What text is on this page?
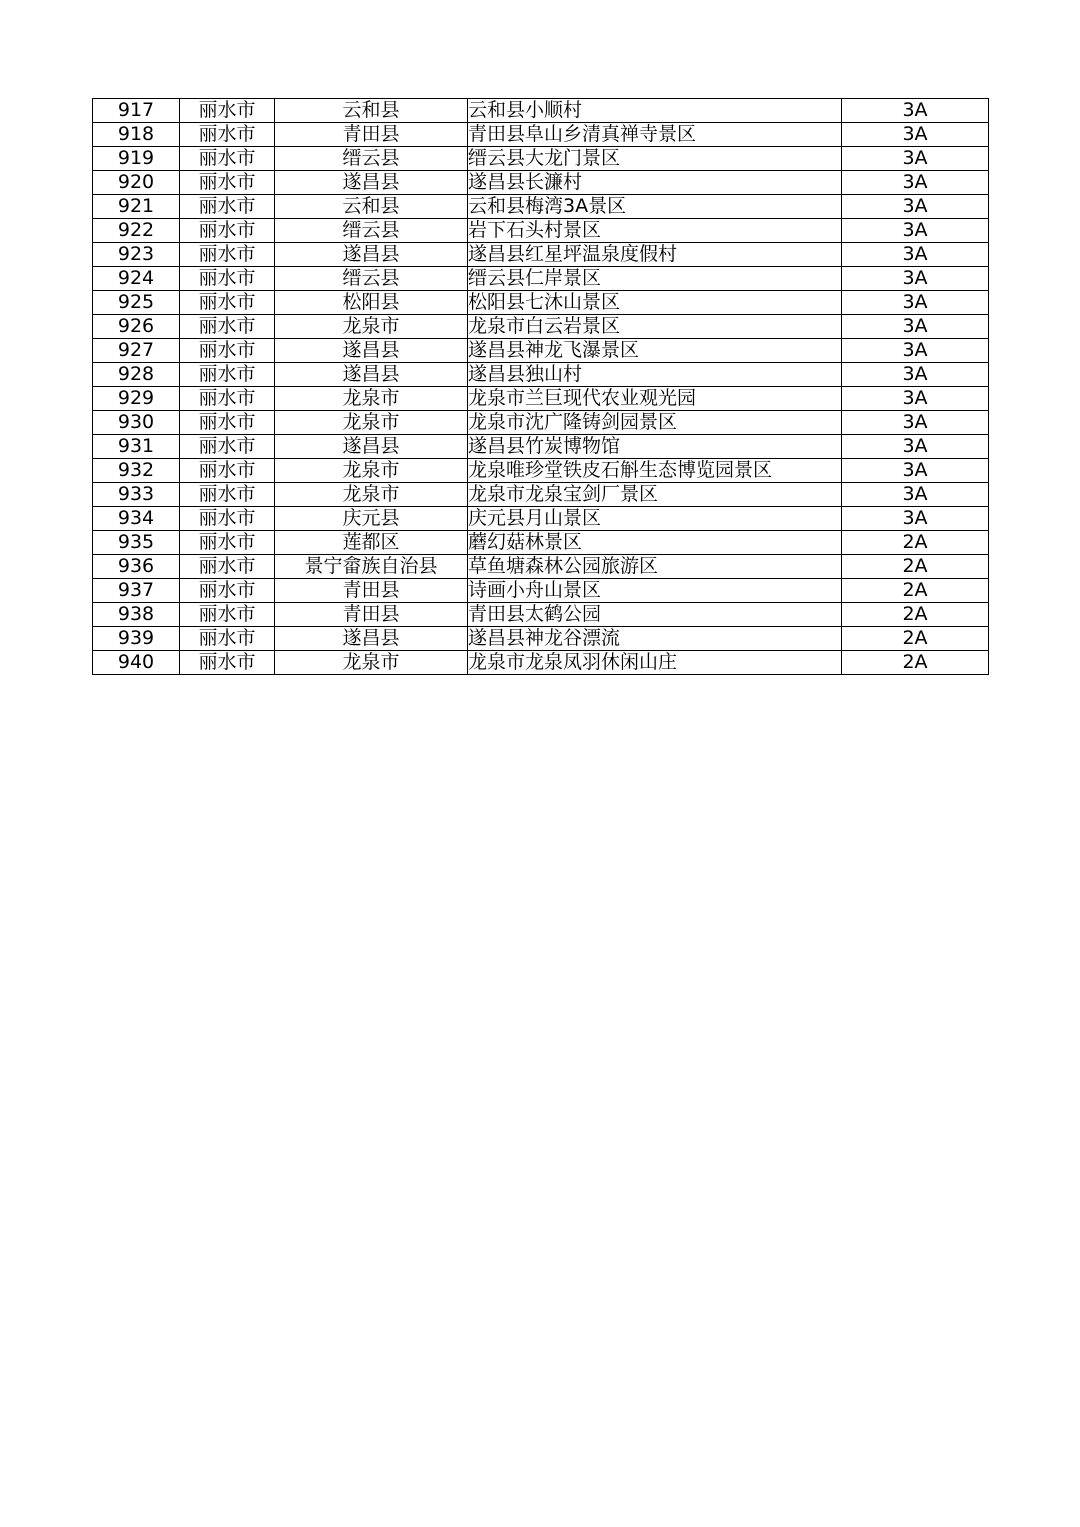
917	丽水市	云和县	云和县小顺村	3A
918	丽水市	青田县	青田县阜山乡清真禅寺景区	3A
919	丽水市	缙云县	缙云县大龙门景区	3A
920	丽水市	遂昌县	遂昌县长濂村	3A
921	丽水市	云和县	云和县梅湾3A景区	3A
922	丽水市	缙云县	岩下石头村景区	3A
923	丽水市	遂昌县	遂昌县红星坪温泉度假村	3A
924	丽水市	缙云县	缙云县仁岸景区	3A
925	丽水市	松阳县	松阳县七沐山景区	3A
926	丽水市	龙泉市	龙泉市白云岩景区	3A
927	丽水市	遂昌县	遂昌县神龙飞瀑景区	3A
928	丽水市	遂昌县	遂昌县独山村	3A
929	丽水市	龙泉市	龙泉市兰巨现代农业观光园	3A
930	丽水市	龙泉市	龙泉市沈广隆铸剑园景区	3A
931	丽水市	遂昌县	遂昌县竹炭博物馆	3A
932	丽水市	龙泉市	龙泉唯珍堂铁皮石斛生态博览园景区	3A
933	丽水市	龙泉市	龙泉市龙泉宝剑厂景区	3A
934	丽水市	庆元县	庆元县月山景区	3A
935	丽水市	莲都区	蘑幻菇林景区	2A
936	丽水市	景宁畲族自治县	草鱼塘森林公园旅游区	2A
937	丽水市	青田县	诗画小舟山景区	2A
938	丽水市	青田县	青田县太鹤公园	2A
939	丽水市	遂昌县	遂昌县神龙谷漂流	2A
940	丽水市	龙泉市	龙泉市龙泉凤羽休闲山庄	2A
